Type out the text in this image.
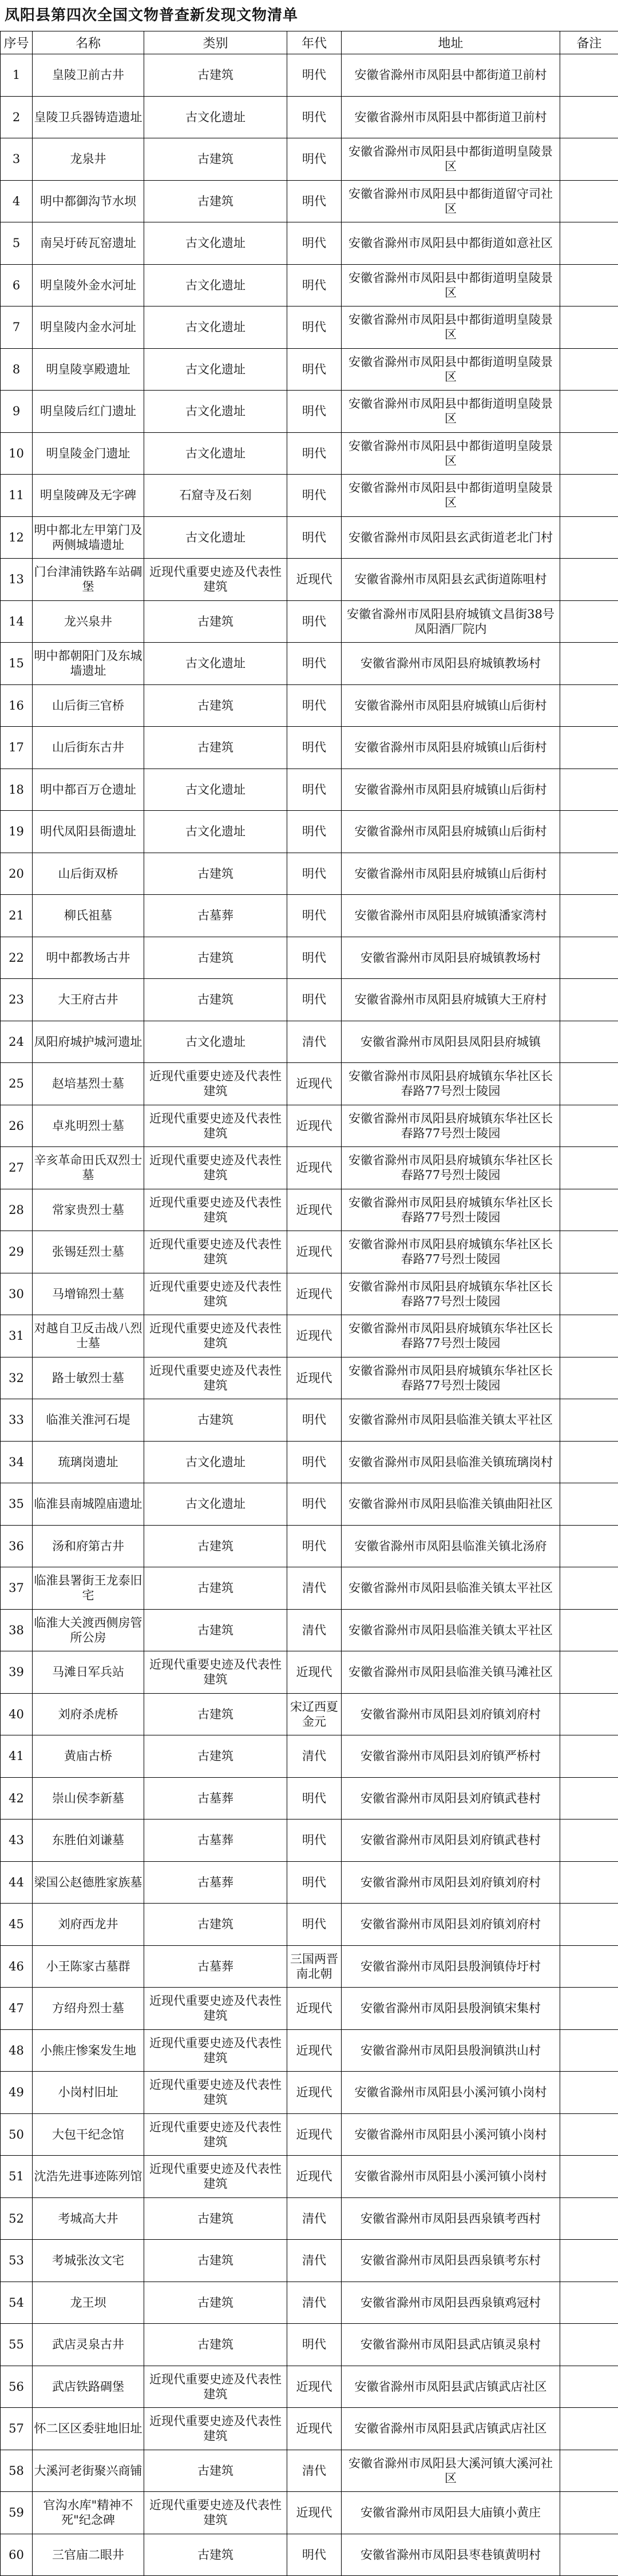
凤阳县第四次全国文物普查新发现文物清单
序号	名称	类别	年代	地址	备注
1	皇陵卫前古井	古建筑	明代	安徽省滁州市凤阳县中都街道卫前村	
2	皇陵卫兵器铸造遗址	古文化遗址	明代	安徽省滁州市凤阳县中都街道卫前村	
3	龙泉井	古建筑	明代	安徽省滁州市凤阳县中都街道明皇陵景区	
4	明中都御沟节水坝	古建筑	明代	安徽省滁州市凤阳县中都街道留守司社区	
5	南吴圩砖瓦窑遗址	古文化遗址	明代	安徽省滁州市凤阳县中都街道如意社区	
6	明皇陵外金水河址	古文化遗址	明代	安徽省滁州市凤阳县中都街道明皇陵景区	
7	明皇陵内金水河址	古文化遗址	明代	安徽省滁州市凤阳县中都街道明皇陵景区	
8	明皇陵享殿遗址	古文化遗址	明代	安徽省滁州市凤阳县中都街道明皇陵景区	
9	明皇陵后红门遗址	古文化遗址	明代	安徽省滁州市凤阳县中都街道明皇陵景区	
10	明皇陵金门遗址	古文化遗址	明代	安徽省滁州市凤阳县中都街道明皇陵景区	
11	明皇陵碑及无字碑	石窟寺及石刻	明代	安徽省滁州市凤阳县中都街道明皇陵景区	
12	明中都北左甲第门及两侧城墙遗址	古文化遗址	明代	安徽省滁州市凤阳县玄武街道老北门村	
13	门台津浦铁路车站碉堡	近现代重要史迹及代表性建筑	近现代	安徽省滁州市凤阳县玄武街道陈咀村	
14	龙兴泉井	古建筑	明代	安徽省滁州市凤阳县府城镇文昌街38号凤阳酒厂院内	
15	明中都朝阳门及东城墙遗址	古文化遗址	明代	安徽省滁州市凤阳县府城镇教场村	
16	山后街三官桥	古建筑	明代	安徽省滁州市凤阳县府城镇山后街村	
17	山后街东古井	古建筑	明代	安徽省滁州市凤阳县府城镇山后街村	
18	明中都百万仓遗址	古文化遗址	明代	安徽省滁州市凤阳县府城镇山后街村	
19	明代凤阳县衙遗址	古文化遗址	明代	安徽省滁州市凤阳县府城镇山后街村	
20	山后街双桥	古建筑	明代	安徽省滁州市凤阳县府城镇山后街村	
21	柳氏祖墓	古墓葬	明代	安徽省滁州市凤阳县府城镇潘家湾村	
22	明中都教场古井	古建筑	明代	安徽省滁州市凤阳县府城镇教场村	
23	大王府古井	古建筑	明代	安徽省滁州市凤阳县府城镇大王府村	
24	凤阳府城护城河遗址	古文化遗址	清代	安徽省滁州市凤阳县凤阳县府城镇	
25	赵培基烈士墓	近现代重要史迹及代表性建筑	近现代	安徽省滁州市凤阳县府城镇东华社区长春路77号烈士陵园	
26	卓兆明烈士墓	近现代重要史迹及代表性建筑	近现代	安徽省滁州市凤阳县府城镇东华社区长春路77号烈士陵园	
27	辛亥革命田氏双烈士墓	近现代重要史迹及代表性建筑	近现代	安徽省滁州市凤阳县府城镇东华社区长春路77号烈士陵园	
28	常家贵烈士墓	近现代重要史迹及代表性建筑	近现代	安徽省滁州市凤阳县府城镇东华社区长春路77号烈士陵园	
29	张锡廷烈士墓	近现代重要史迹及代表性建筑	近现代	安徽省滁州市凤阳县府城镇东华社区长春路77号烈士陵园	
30	马增锦烈士墓	近现代重要史迹及代表性建筑	近现代	安徽省滁州市凤阳县府城镇东华社区长春路77号烈士陵园	
31	对越自卫反击战八烈士墓	近现代重要史迹及代表性建筑	近现代	安徽省滁州市凤阳县府城镇东华社区长春路77号烈士陵园	
32	路士敏烈士墓	近现代重要史迹及代表性建筑	近现代	安徽省滁州市凤阳县府城镇东华社区长春路77号烈士陵园	
33	临淮关淮河石堤	古建筑	明代	安徽省滁州市凤阳县临淮关镇太平社区	
34	琉璃岗遗址	古文化遗址	明代	安徽省滁州市凤阳县临淮关镇琉璃岗村	
35	临淮县南城隍庙遗址	古文化遗址	明代	安徽省滁州市凤阳县临淮关镇曲阳社区	
36	汤和府第古井	古建筑	明代	安徽省滁州市凤阳县临淮关镇北汤府	
37	临淮县署街王龙泰旧宅	古建筑	清代	安徽省滁州市凤阳县临淮关镇太平社区	
38	临淮大关渡西侧房管所公房	古建筑	清代	安徽省滁州市凤阳县临淮关镇太平社区	
39	马滩日军兵站	近现代重要史迹及代表性建筑	近现代	安徽省滁州市凤阳县临淮关镇马滩社区	
40	刘府杀虎桥	古建筑	宋辽西夏金元	安徽省滁州市凤阳县刘府镇刘府村	
41	黄庙古桥	古建筑	清代	安徽省滁州市凤阳县刘府镇严桥村	
42	崇山侯李新墓	古墓葬	明代	安徽省滁州市凤阳县刘府镇武巷村	
43	东胜伯刘谦墓	古墓葬	明代	安徽省滁州市凤阳县刘府镇武巷村	
44	梁国公赵德胜家族墓	古墓葬	明代	安徽省滁州市凤阳县刘府镇刘府村	
45	刘府西龙井	古建筑	明代	安徽省滁州市凤阳县刘府镇刘府村	
46	小王陈家古墓群	古墓葬	三国两晋南北朝	安徽省滁州市凤阳县殷涧镇侍圩村	
47	方绍舟烈士墓	近现代重要史迹及代表性建筑	近现代	安徽省滁州市凤阳县殷涧镇宋集村	
48	小熊庄惨案发生地	近现代重要史迹及代表性建筑	近现代	安徽省滁州市凤阳县殷涧镇洪山村	
49	小岗村旧址	近现代重要史迹及代表性建筑	近现代	安徽省滁州市凤阳县小溪河镇小岗村	
50	大包干纪念馆	近现代重要史迹及代表性建筑	近现代	安徽省滁州市凤阳县小溪河镇小岗村	
51	沈浩先进事迹陈列馆	近现代重要史迹及代表性建筑	近现代	安徽省滁州市凤阳县小溪河镇小岗村	
52	考城高大井	古建筑	清代	安徽省滁州市凤阳县西泉镇考西村	
53	考城张汝文宅	古建筑	清代	安徽省滁州市凤阳县西泉镇考东村	
54	龙王坝	古建筑	清代	安徽省滁州市凤阳县西泉镇鸡冠村	
55	武店灵泉古井	古建筑	明代	安徽省滁州市凤阳县武店镇灵泉村	
56	武店铁路碉堡	近现代重要史迹及代表性建筑	近现代	安徽省滁州市凤阳县武店镇武店社区	
57	怀二区区委驻地旧址	近现代重要史迹及代表性建筑	近现代	安徽省滁州市凤阳县武店镇武店社区	
58	大溪河老街聚兴商铺	古建筑	清代	安徽省滁州市凤阳县大溪河镇大溪河社区	
59	官沟水库"精神不死"纪念碑	近现代重要史迹及代表性建筑	近现代	安徽省滁州市凤阳县大庙镇小黄庄	
60	三官庙二眼井	古建筑	明代	安徽省滁州市凤阳县枣巷镇黄明村	
